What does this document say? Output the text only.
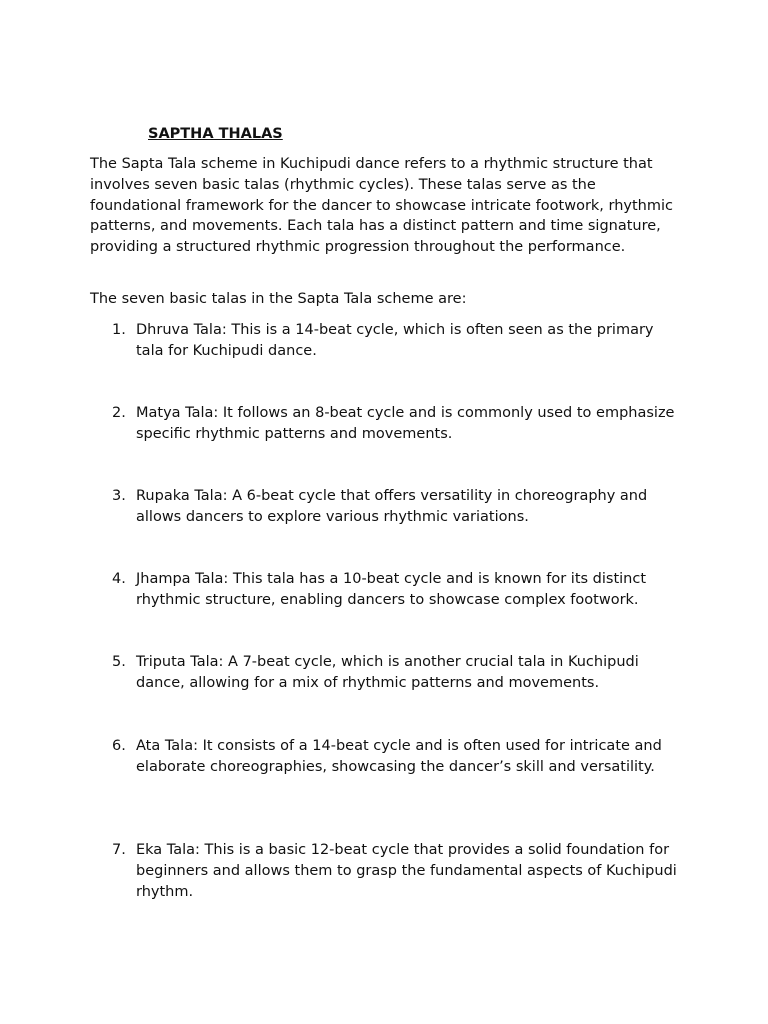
SAPTHA THALAS

The Sapta Tala scheme in Kuchipudi dance refers to a rhythmic structure that involves seven basic talas (rhythmic cycles). These talas serve as the foundational framework for the dancer to showcase intricate footwork, rhythmic patterns, and movements. Each tala has a distinct pattern and time signature, providing a structured rhythmic progression throughout the performance.

The seven basic talas in the Sapta Tala scheme are:

1. Dhruva Tala: This is a 14-beat cycle, which is often seen as the primary tala for Kuchipudi dance.
2. Matya Tala: It follows an 8-beat cycle and is commonly used to emphasize specific rhythmic patterns and movements.
3. Rupaka Tala: A 6-beat cycle that offers versatility in choreography and allows dancers to explore various rhythmic variations.
4. Jhampa Tala: This tala has a 10-beat cycle and is known for its distinct rhythmic structure, enabling dancers to showcase complex footwork.
5. Triputa Tala: A 7-beat cycle, which is another crucial tala in Kuchipudi dance, allowing for a mix of rhythmic patterns and movements.
6. Ata Tala: It consists of a 14-beat cycle and is often used for intricate and elaborate choreographies, showcasing the dancer’s skill and versatility.
7. Eka Tala: This is a basic 12-beat cycle that provides a solid foundation for beginners and allows them to grasp the fundamental aspects of Kuchipudi rhythm.
